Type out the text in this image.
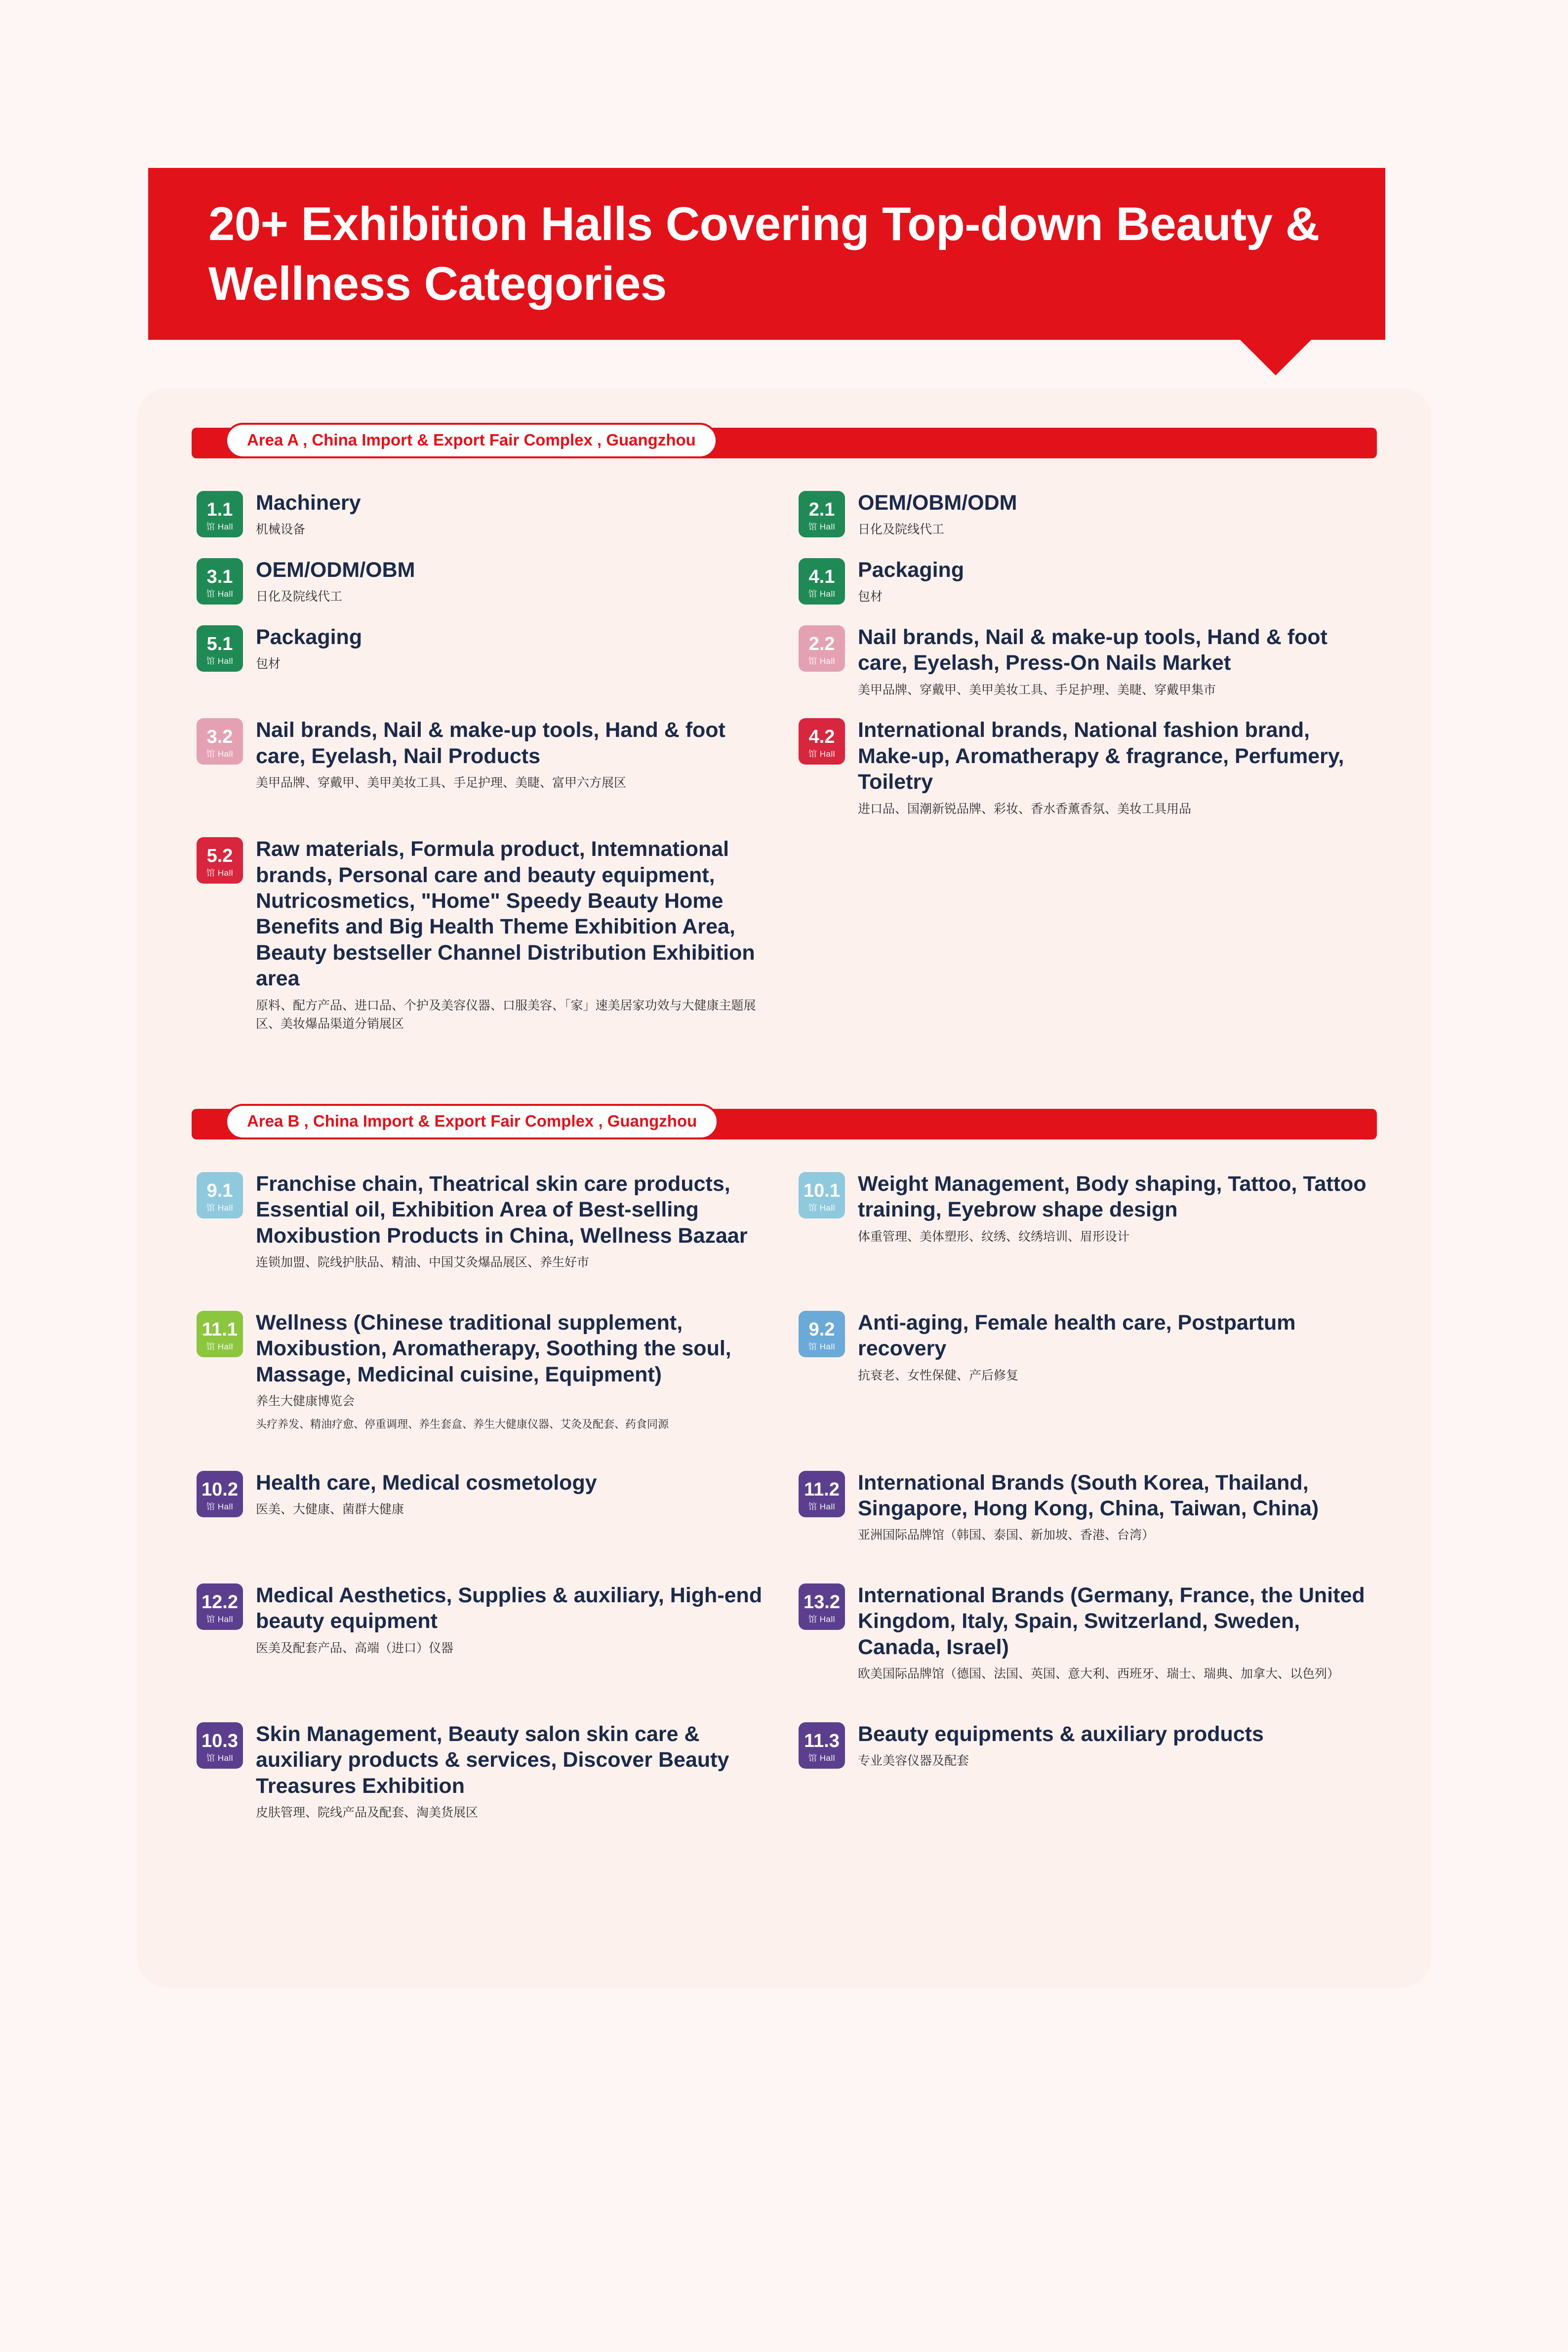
20+ Exhibition Halls Covering Top-down Beauty & Wellness Categories
Area A , China Import & Export Fair Complex , Guangzhou
1.1
馆 Hall
Machinery
机械设备
2.1
馆 Hall
OEM/OBM/ODM
日化及院线代工
3.1
馆 Hall
OEM/ODM/OBM
日化及院线代工
4.1
馆 Hall
Packaging
包材
5.1
馆 Hall
Packaging
包材
2.2
馆 Hall
Nail brands, Nail & make-up tools, Hand & foot care, Eyelash, Press-On Nails Market
美甲品牌、穿戴甲、美甲美妆工具、手足护理、美睫、穿戴甲集市
3.2
馆 Hall
Nail brands, Nail & make-up tools, Hand & foot care, Eyelash, Nail Products
美甲品牌、穿戴甲、美甲美妆工具、手足护理、美睫、富甲六方展区
4.2
馆 Hall
International brands, National fashion brand, Make-up, Aromatherapy & fragrance, Perfumery, Toiletry
进口品、国潮新锐品牌、彩妆、香水香薰香氛、美妆工具用品
5.2
馆 Hall
Raw materials, Formula product, Intemnational brands, Personal care and beauty equipment, Nutricosmetics, "Home" Speedy Beauty Home Benefits and Big Health Theme Exhibition Area, Beauty bestseller Channel Distribution Exhibition area
原料、配方产品、进口品、个护及美容仪器、口服美容、「家」速美居家功效与大健康主题展区、美妆爆品渠道分销展区
Area B , China Import & Export Fair Complex , Guangzhou
9.1
馆 Hall
Franchise chain, Theatrical skin care products, Essential oil, Exhibition Area of Best-selling Moxibustion Products in China, Wellness Bazaar
连锁加盟、院线护肤品、精油、中国艾灸爆品展区、养生好市
10.1
馆 Hall
Weight Management, Body shaping, Tattoo, Tattoo training, Eyebrow shape design
体重管理、美体塑形、纹绣、纹绣培训、眉形设计
11.1
馆 Hall
Wellness (Chinese traditional supplement, Moxibustion, Aromatherapy, Soothing the soul, Massage, Medicinal cuisine, Equipment)
养生大健康博览会
头疗养发、精油疗愈、停重调理、养生套盒、养生大健康仪器、艾灸及配套、药食同源
9.2
馆 Hall
Anti-aging, Female health care, Postpartum recovery
抗衰老、女性保健、产后修复
10.2
馆 Hall
Health care, Medical cosmetology
医美、大健康、菌群大健康
11.2
馆 Hall
International Brands (South Korea, Thailand, Singapore, Hong Kong, China, Taiwan, China)
亚洲国际品牌馆（韩国、泰国、新加坡、香港、台湾）
12.2
馆 Hall
Medical Aesthetics, Supplies & auxiliary, High-end beauty equipment
医美及配套产品、高端（进口）仪器
13.2
馆 Hall
International Brands (Germany, France, the United Kingdom, Italy, Spain, Switzerland, Sweden, Canada, Israel)
欧美国际品牌馆（德国、法国、英国、意大利、西班牙、瑞士、瑞典、加拿大、以色列）
10.3
馆 Hall
Skin Management, Beauty salon skin care & auxiliary products & services, Discover Beauty Treasures Exhibition
皮肤管理、院线产品及配套、淘美货展区
11.3
馆 Hall
Beauty equipments & auxiliary products
专业美容仪器及配套
